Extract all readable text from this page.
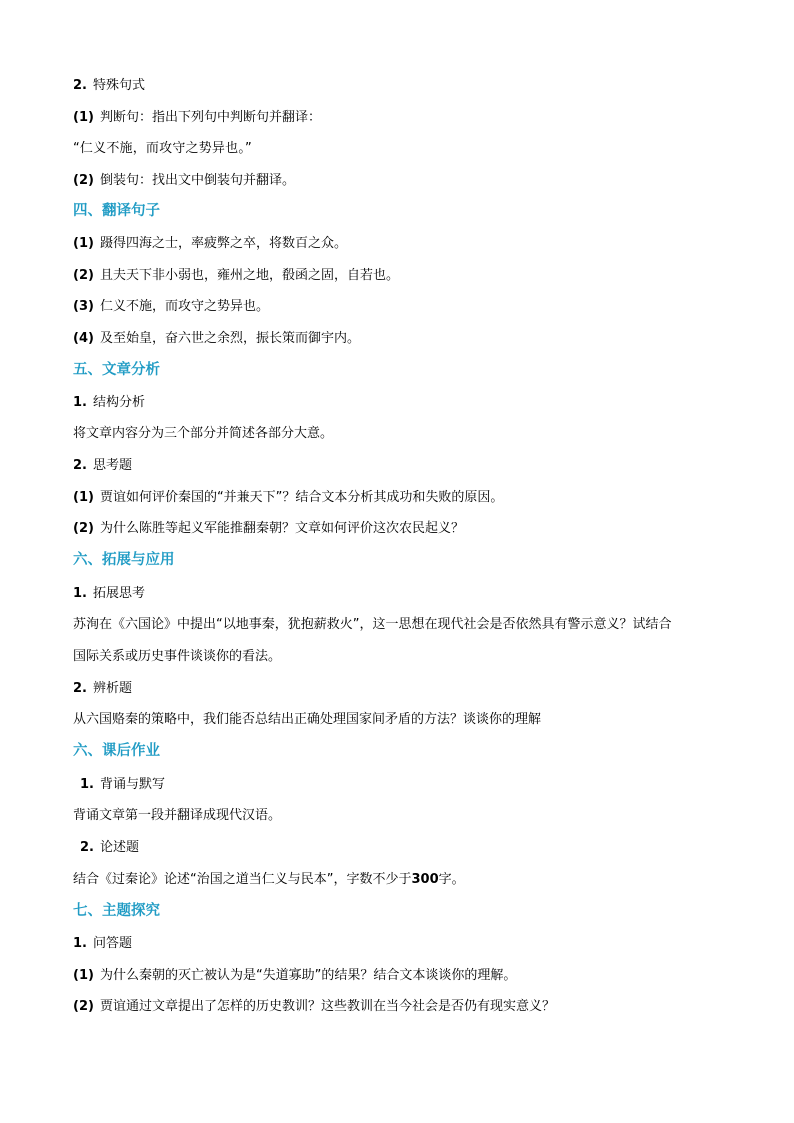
2. 特殊句式
(1) 判断句：指出下列句中判断句并翻译：
“仁义不施，而攻守之势异也。”
(2) 倒装句：找出文中倒装句并翻译。
四、翻译句子
(1) 蹑得四海之士，率疲弊之卒，将数百之众。
(2) 且夫天下非小弱也，雍州之地，殽函之固，自若也。
(3) 仁义不施，而攻守之势异也。
(4) 及至始皇，奋六世之余烈，振长策而御宇内。
五、文章分析
1. 结构分析
将文章内容分为三个部分并简述各部分大意。
2. 思考题
(1) 贾谊如何评价秦国的“并兼天下”？结合文本分析其成功和失败的原因。
(2) 为什么陈胜等起义军能推翻秦朝？文章如何评价这次农民起义？
六、拓展与应用
1. 拓展思考
苏洵在《六国论》中提出“以地事秦，犹抱薪救火”，这一思想在现代社会是否依然具有警示意义？试结合
国际关系或历史事件谈谈你的看法。
2. 辨析题
从六国赂秦的策略中，我们能否总结出正确处理国家间矛盾的方法？谈谈你的理解
六、课后作业
1. 背诵与默写
背诵文章第一段并翻译成现代汉语。
2. 论述题
结合《过秦论》论述“治国之道当仁义与民本”，字数不少于300字。
七、主题探究
1. 问答题
(1) 为什么秦朝的灭亡被认为是“失道寡助”的结果？结合文本谈谈你的理解。
(2) 贾谊通过文章提出了怎样的历史教训？这些教训在当今社会是否仍有现实意义？
